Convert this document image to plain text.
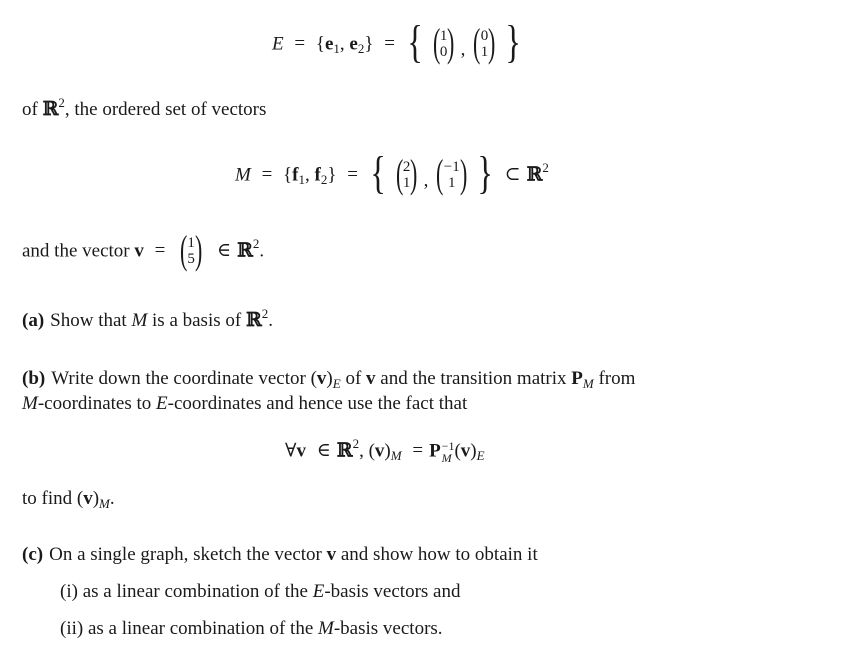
$E = \{e_1$, $e_2$} = { ( 1
0 ) , ( 0
1 ) }
of ℝ$^2$, the ordered set of vectors
$M = \{f_1$, $f_2$} = { ( 2
1 ) , ( −1
1 ) } ⊂ ℝ$^2$
and the vector v = ( 1
5 ) ∈ ℝ$^2$.
(a) Show that M is a basis of ℝ$^2$.
(b) Write down the coordinate vector $(v)_E$ of v and the transition matrix $P_M$ from
M-coordinates to E-coordinates and hence use the fact that
∀v ∈ ℝ$^2$, $(v)_M = P -1$
M $(v)_E$
to find $(v)_M$.
(c) On a single graph, sketch the vector v and show how to obtain it
(i) as a linear combination of the E-basis vectors and
(ii) as a linear combination of the M-basis vectors.
